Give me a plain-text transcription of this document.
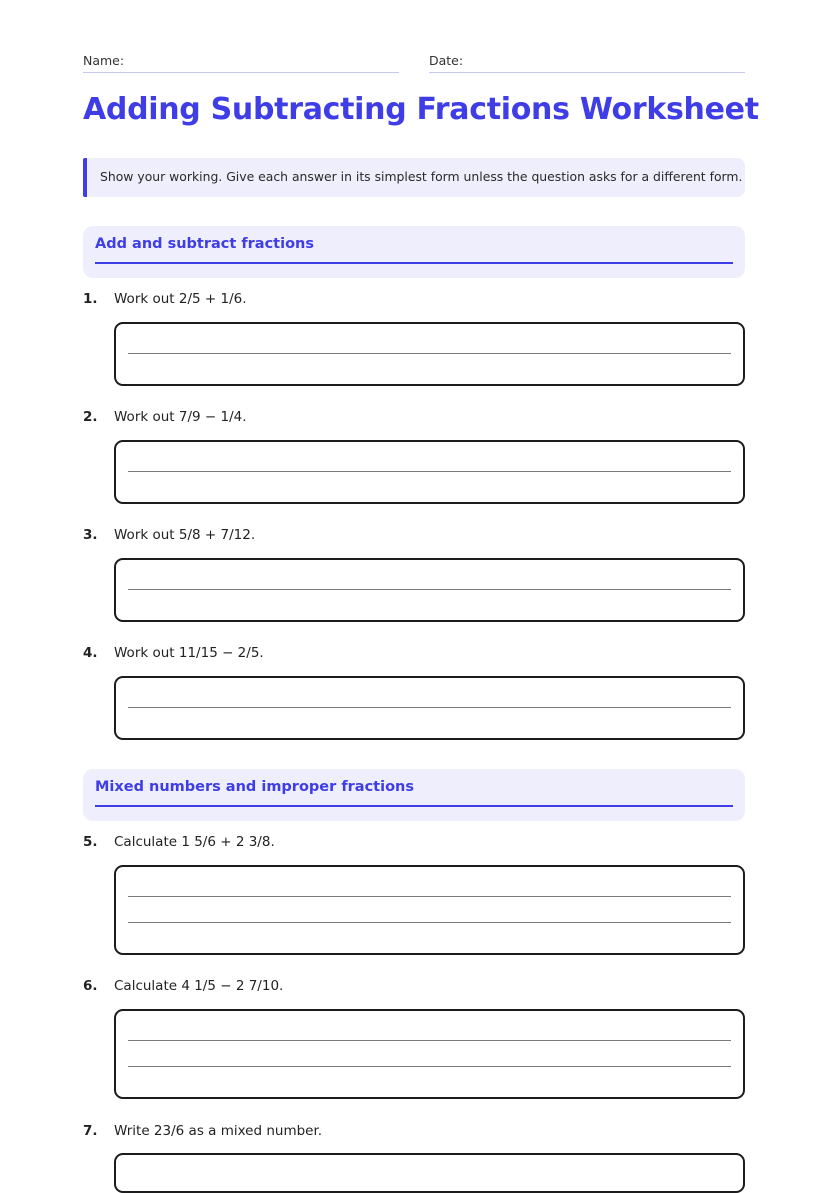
Name:	Date:
Adding Subtracting Fractions Worksheet
Show your working. Give each answer in its simplest form unless the question asks for a different form.
Add and subtract fractions
1. Work out 2/5 + 1/6.
2. Work out 7/9 − 1/4.
3. Work out 5/8 + 7/12.
4. Work out 11/15 − 2/5.
Mixed numbers and improper fractions
5. Calculate 1 5/6 + 2 3/8.
6. Calculate 4 1/5 − 2 7/10.
7. Write 23/6 as a mixed number.
